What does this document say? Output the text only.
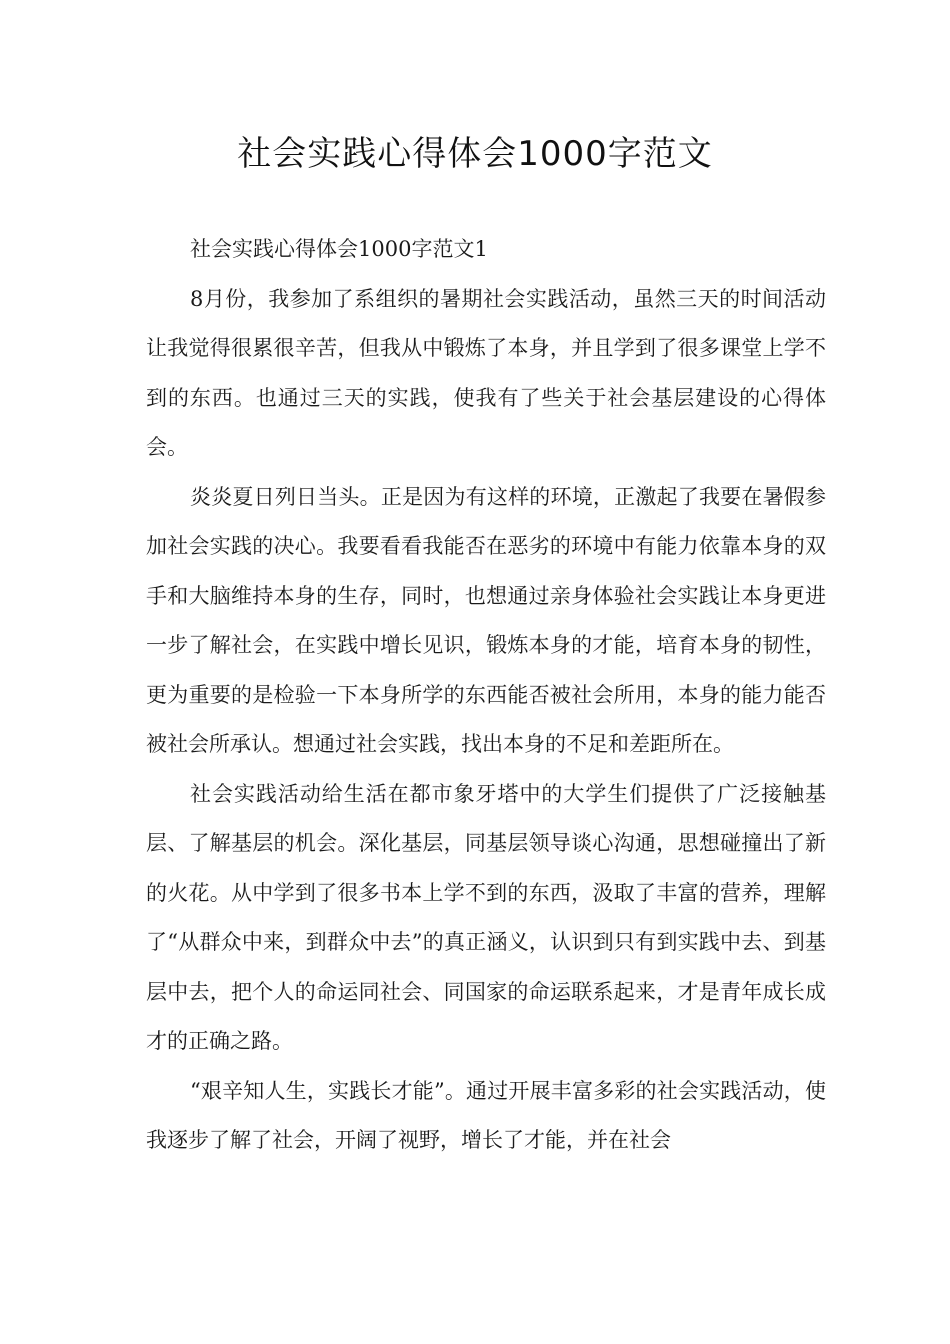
社会实践心得体会1000字范文

社会实践心得体会1000字范文1

8月份，我参加了系组织的暑期社会实践活动，虽然三天的时间活动让我觉得很累很辛苦，但我从中锻炼了本身，并且学到了很多课堂上学不到的东西。也通过三天的实践，使我有了些关于社会基层建设的心得体会。

炎炎夏日列日当头。正是因为有这样的环境，正激起了我要在暑假参加社会实践的决心。我要看看我能否在恶劣的环境中有能力依靠本身的双手和大脑维持本身的生存，同时，也想通过亲身体验社会实践让本身更进一步了解社会，在实践中增长见识，锻炼本身的才能，培育本身的韧性，更为重要的是检验一下本身所学的东西能否被社会所用，本身的能力能否被社会所承认。想通过社会实践，找出本身的不足和差距所在。

社会实践活动给生活在都市象牙塔中的大学生们提供了广泛接触基层、了解基层的机会。深化基层，同基层领导谈心沟通，思想碰撞出了新的火花。从中学到了很多书本上学不到的东西，汲取了丰富的营养，理解了“从群众中来，到群众中去”的真正涵义，认识到只有到实践中去、到基层中去，把个人的命运同社会、同国家的命运联系起来，才是青年成长成才的正确之路。

“艰辛知人生，实践长才能”。通过开展丰富多彩的社会实践活动，使我逐步了解了社会，开阔了视野，增长了才能，并在社会
